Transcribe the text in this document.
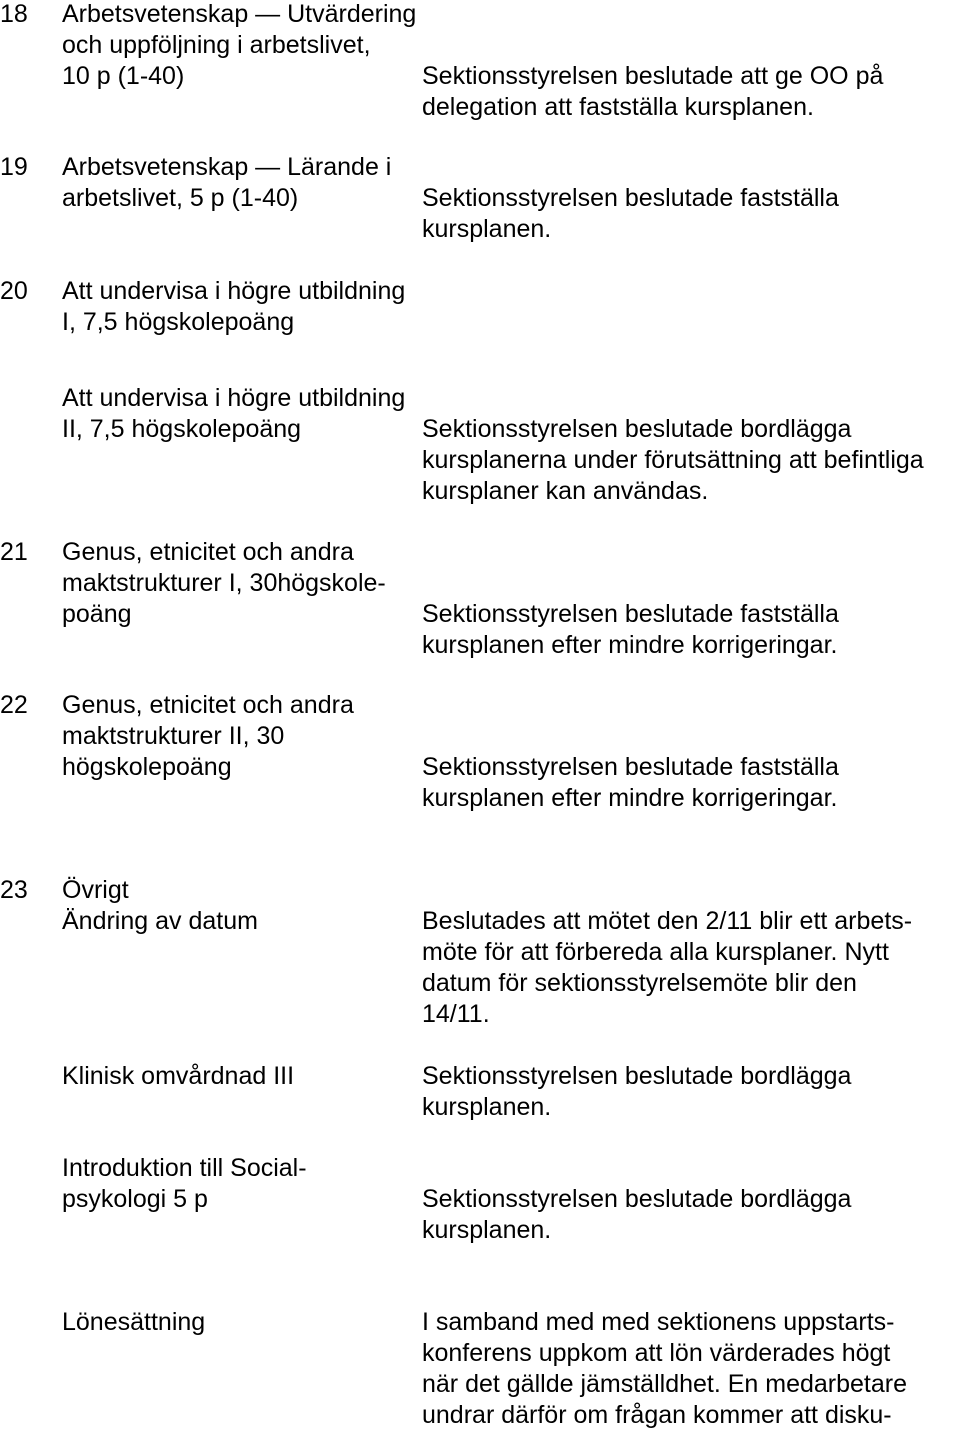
18 Arbetsvetenskap — Utvärdering
och uppföljning i arbetslivet,
10 p (1-40)	Sektionsstyrelsen beslutade att ge OO på
delegation att fastställa kursplanen.
19 Arbetsvetenskap — Lärande i
arbetslivet, 5 p (1-40)	Sektionsstyrelsen beslutade fastställa
kursplanen.
20 Att undervisa i högre utbildning
I, 7,5 högskolepoäng
Att undervisa i högre utbildning
II, 7,5 högskolepoäng	Sektionsstyrelsen beslutade bordlägga
kursplanerna under förutsättning att befintliga
kursplaner kan användas.
21 Genus, etnicitet och andra
maktstrukturer I, 30högskole-
poäng	Sektionsstyrelsen beslutade fastställa
kursplanen efter mindre korrigeringar.
22 Genus, etnicitet och andra
maktstrukturer II, 30
högskolepoäng	Sektionsstyrelsen beslutade fastställa
kursplanen efter mindre korrigeringar.
23 Övrigt
Ändring av datum	Beslutades att mötet den 2/11 blir ett arbets-
möte för att förbereda alla kursplaner. Nytt
datum för sektionsstyrelsemöte blir den
14/11.
Klinisk omvårdnad III	Sektionsstyrelsen beslutade bordlägga
kursplanen.
Introduktion till Social-
psykologi 5 p	Sektionsstyrelsen beslutade bordlägga
kursplanen.
Lönesättning	I samband med med sektionens uppstarts-
konferens uppkom att lön värderades högt
när det gällde jämställdhet. En medarbetare
undrar därför om frågan kommer att disku-
